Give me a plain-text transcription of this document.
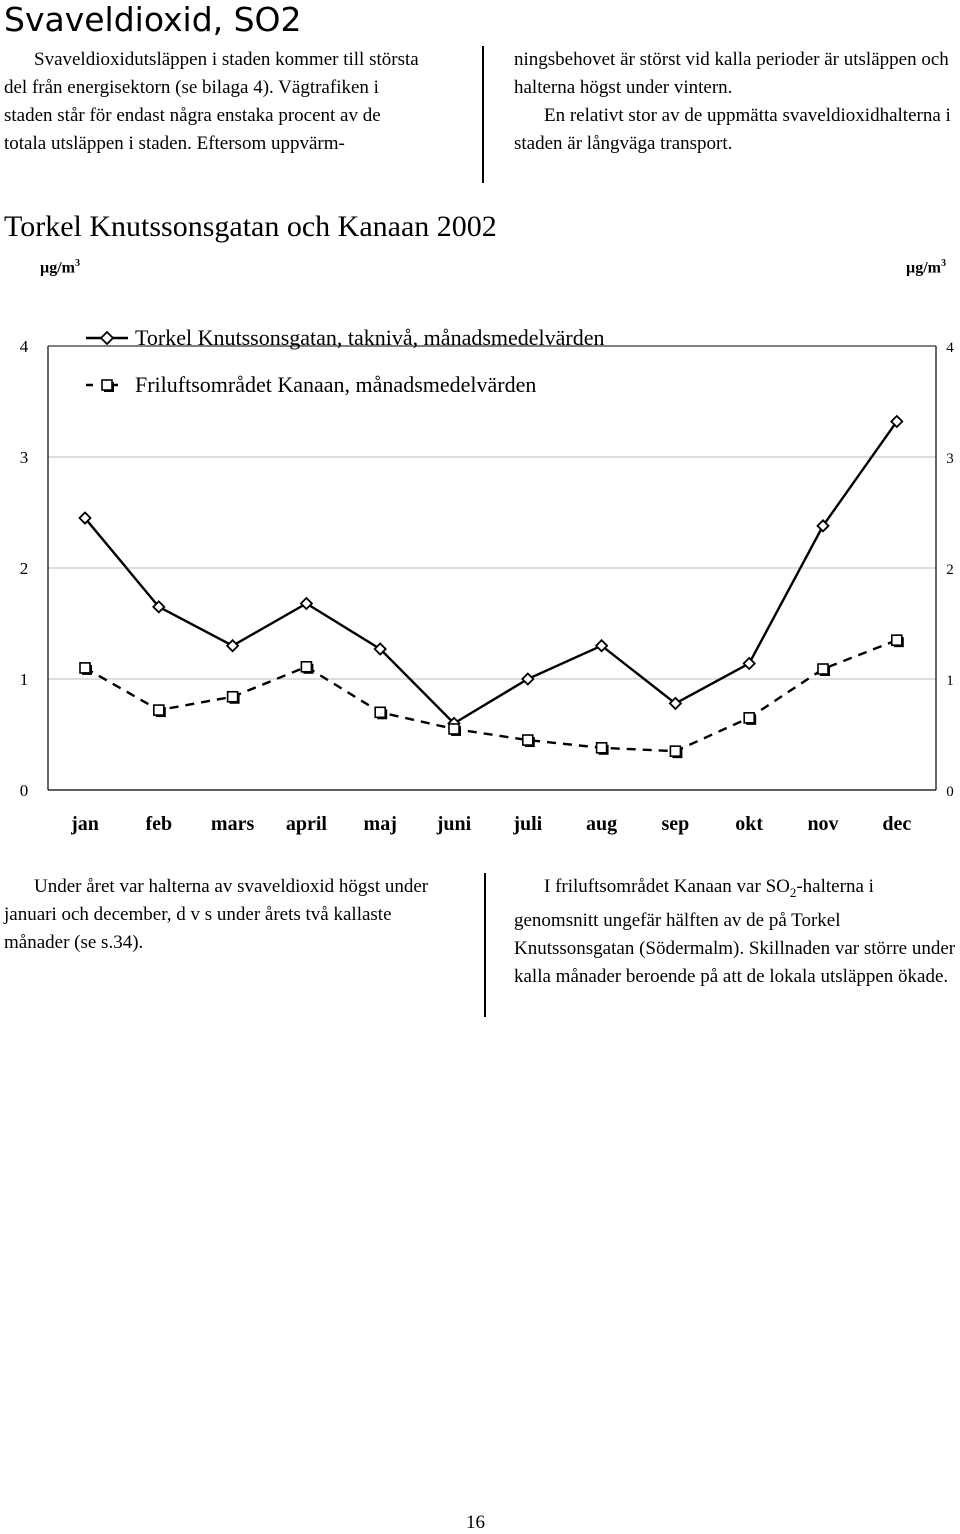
Svaveldioxid, SO2

Svaveldioxidutsläppen i staden kommer till största del från energisektorn (se bilaga 4). Vägtrafiken i staden står för endast några enstaka procent av de totala utsläppen i staden. Eftersom uppvärm-

ningsbehovet är störst vid kalla perioder är utsläppen och halterna högst under vintern.

En relativt stor av de uppmätta svaveldioxidhalterna i staden är långväga transport.

Torkel Knutssonsgatan och Kanaan 2002
$\mu g/m^3$	$\mu g/m^3$
0	0
1	1
2	2
3	3
4	4
jan feb mars april maj juni juli aug sep okt nov dec
Torkel Knutssonsgatan, taknivå, månadsmedelvärden
Friluftsområdet Kanaan, månadsmedelvärden

Under året var halterna av svaveldioxid högst under januari och december, d v s under årets två kallaste månader (se s.34).

I friluftsområdet Kanaan var $SO_2$-halterna i genomsnitt ungefär hälften av de på Torkel Knutssonsgatan (Södermalm). Skillnaden var större under kalla månader beroende på att de lokala utsläppen ökade.

16
